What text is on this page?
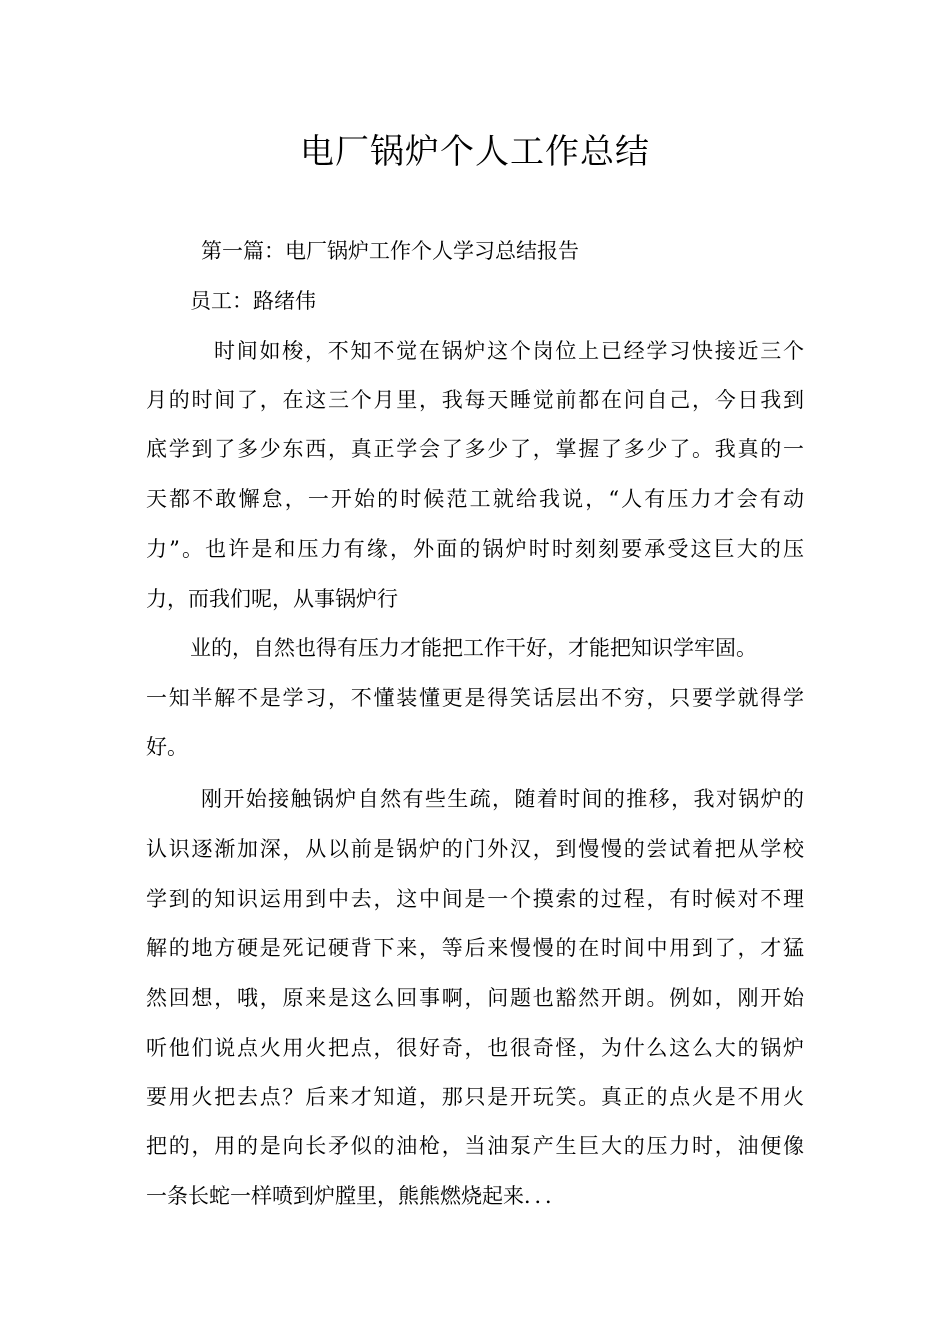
电厂锅炉个人工作总结

第一篇：电厂锅炉工作个人学习总结报告

员工：路绪伟

时间如梭，不知不觉在锅炉这个岗位上已经学习快接近三个

月的时间了，在这三个月里，我每天睡觉前都在问自己，今日我到

底学到了多少东西，真正学会了多少了，掌握了多少了。我真的一

天都不敢懈怠，一开始的时候范工就给我说，“人有压力才会有动

力”。也许是和压力有缘，外面的锅炉时时刻刻要承受这巨大的压

力，而我们呢，从事锅炉行

业的，自然也得有压力才能把工作干好，才能把知识学牢固。

一知半解不是学习，不懂装懂更是得笑话层出不穷，只要学就得学

好。

刚开始接触锅炉自然有些生疏，随着时间的推移，我对锅炉的

认识逐渐加深，从以前是锅炉的门外汉，到慢慢的尝试着把从学校

学到的知识运用到中去，这中间是一个摸索的过程，有时候对不理

解的地方硬是死记硬背下来，等后来慢慢的在时间中用到了，才猛

然回想，哦，原来是这么回事啊，问题也豁然开朗。例如，刚开始

听他们说点火用火把点，很好奇，也很奇怪，为什么这么大的锅炉

要用火把去点？后来才知道，那只是开玩笑。真正的点火是不用火

把的，用的是向长矛似的油枪，当油泵产生巨大的压力时，油便像

一条长蛇一样喷到炉膛里，熊熊燃烧起来．．．
